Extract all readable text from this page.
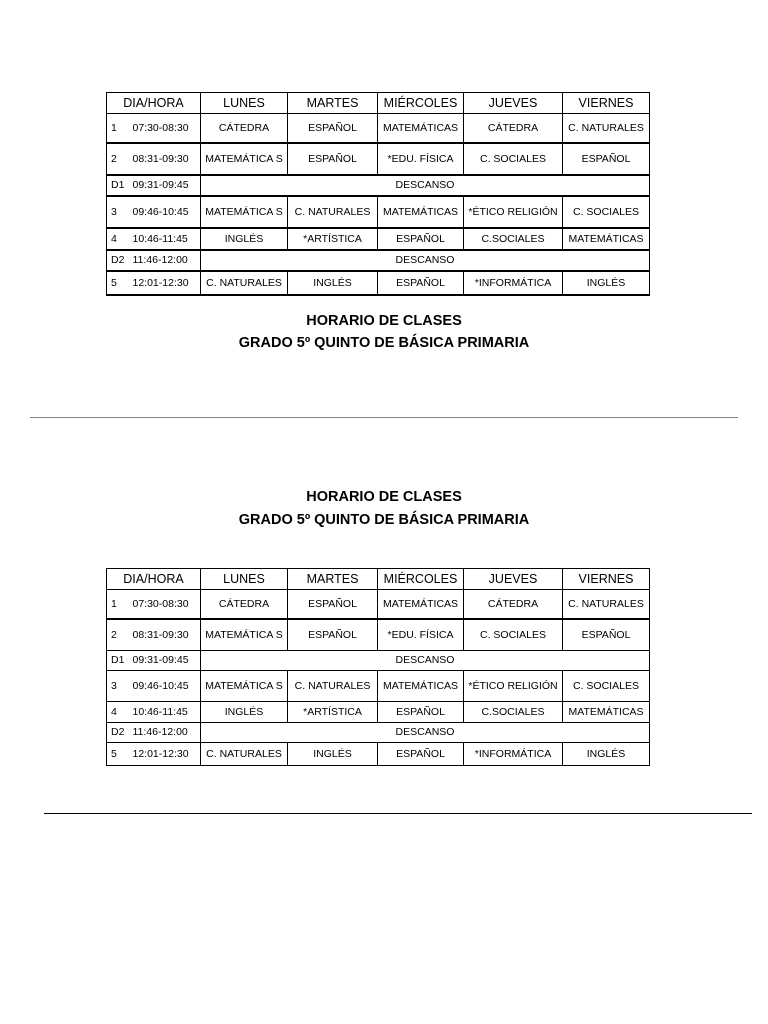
DIA/HORA		LUNES	MARTES	MIÉRCOLES	JUEVES	VIERNES
1	07:30-08:30	CÁTEDRA	ESPAÑOL	MATEMÁTICAS	CÁTEDRA	C. NATURALES
2	08:31-09:30	MATEMÁTICA S	ESPAÑOL	*EDU. FÍSICA	C. SOCIALES	ESPAÑOL
D1	09:31-09:45	DESCANSO				
3	09:46-10:45	MATEMÁTICA S	C. NATURALES	MATEMÁTICAS	*ÉTICO RELIGIÓN	C. SOCIALES
4	10:46-11:45	INGLÉS	*ARTÍSTICA	ESPAÑOL	C.SOCIALES	MATEMÁTICAS
D2	11:46-12:00	DESCANSO				
5	12:01-12:30	C. NATURALES	INGLÉS	ESPAÑOL	*INFORMÁTICA	INGLÉS
HORARIO DE CLASES
GRADO 5º QUINTO DE BÁSICA PRIMARIA
HORARIO DE CLASES
GRADO 5º QUINTO DE BÁSICA PRIMARIA
DIA/HORA		LUNES	MARTES	MIÉRCOLES	JUEVES	VIERNES
1	07:30-08:30	CÁTEDRA	ESPAÑOL	MATEMÁTICAS	CÁTEDRA	C. NATURALES
2	08:31-09:30	MATEMÁTICA S	ESPAÑOL	*EDU. FÍSICA	C. SOCIALES	ESPAÑOL
D1	09:31-09:45	DESCANSO				
3	09:46-10:45	MATEMÁTICA S	C. NATURALES	MATEMÁTICAS	*ÉTICO RELIGIÓN	C. SOCIALES
4	10:46-11:45	INGLÉS	*ARTÍSTICA	ESPAÑOL	C.SOCIALES	MATEMÁTICAS
D2	11:46-12:00	DESCANSO				
5	12:01-12:30	C. NATURALES	INGLÉS	ESPAÑOL	*INFORMÁTICA	INGLÉS
